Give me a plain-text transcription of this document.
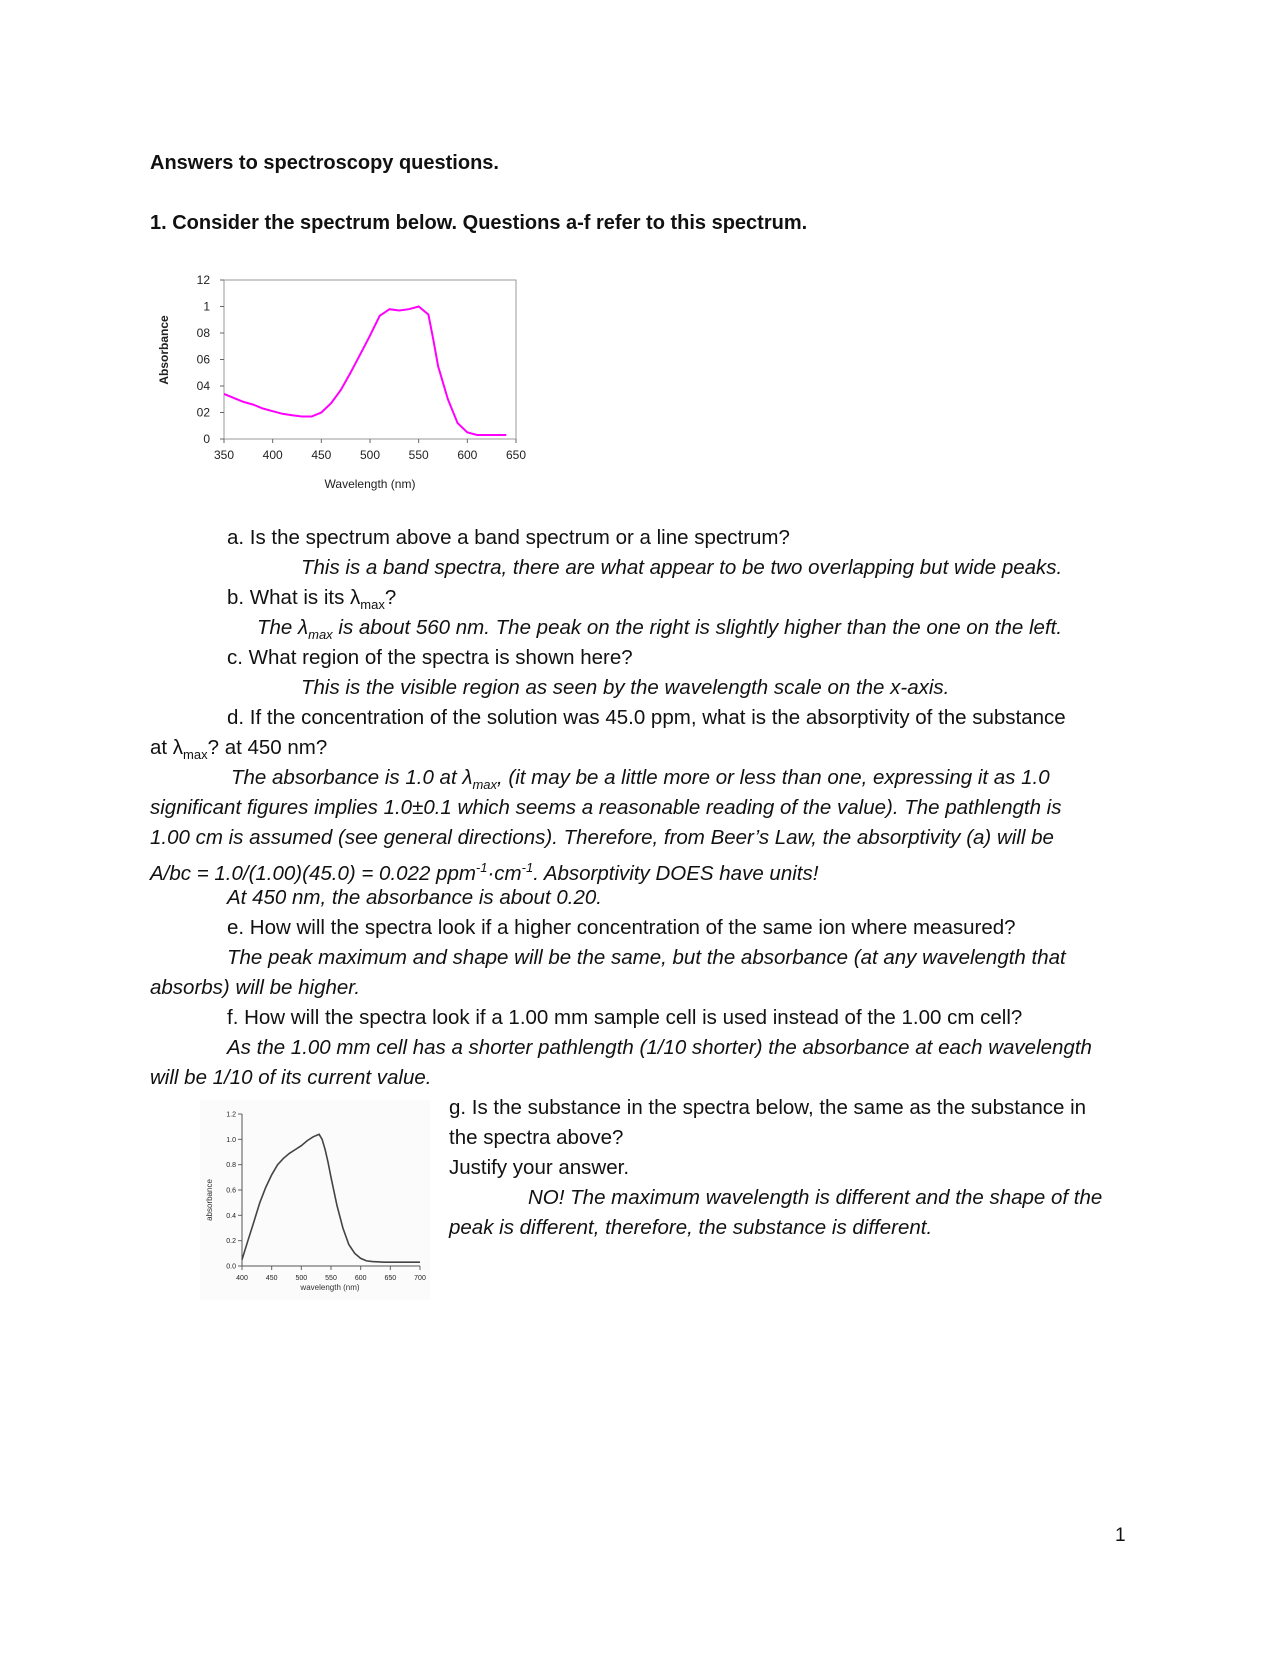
Answers to spectroscopy questions.
1. Consider the spectrum below. Questions a-f refer to this spectrum.
Absorbance
0
02
04
06
08
1
12
350 400 450 500 550 600 650
Wavelength (nm)
a. Is the spectrum above a band spectrum or a line spectrum?
This is a band spectra, there are what appear to be two overlapping but wide peaks.
b. What is its $\lambda_{max}$?
The $\lambda_{max}$ is about 560 nm. The peak on the right is slightly higher than the one on the left.
c. What region of the spectra is shown here?
This is the visible region as seen by the wavelength scale on the x-axis.
d. If the concentration of the solution was 45.0 ppm, what is the absorptivity of the substance
at $\lambda_{max}$? at 450 nm?
The absorbance is 1.0 at $\lambda_{max}$, (it may be a little more or less than one, expressing it as 1.0
significant figures implies 1.0±0.1 which seems a reasonable reading of the value). The pathlength is
1.00 cm is assumed (see general directions). Therefore, from Beer’s Law, the absorptivity (a) will be
A/bc = 1.0/(1.00)(45.0) = 0.022 $ppm^{-1}\cdot cm^{-1}$. Absorptivity DOES have units!
At 450 nm, the absorbance is about 0.20.
e. How will the spectra look if a higher concentration of the same ion where measured?
The peak maximum and shape will be the same, but the absorbance (at any wavelength that
absorbs) will be higher.
f. How will the spectra look if a 1.00 mm sample cell is used instead of the 1.00 cm cell?
As the 1.00 mm cell has a shorter pathlength (1/10 shorter) the absorbance at each wavelength
will be 1/10 of its current value.
absorbance
0.0
0.2
0.4
0.6
0.8
1.0
1.2
400	450	500	550	600	650	700
wavelength (nm)
g. Is the substance in the spectra below, the same as the substance in
the spectra above?
Justify your answer.
NO! The maximum wavelength is different and the shape of the
peak is different, therefore, the substance is different.
1
